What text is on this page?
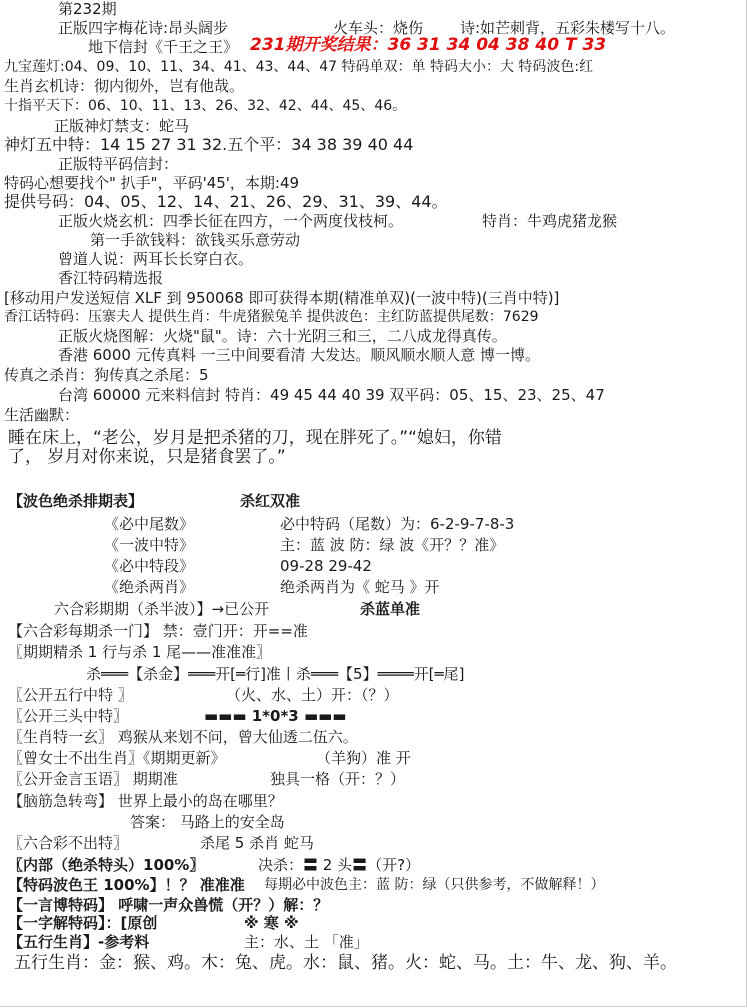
第232期
正版四字梅花诗:昂头阔步	火车头：烧伤 诗:如芒刺背，五彩朱楼写十八。
地下信封《千王之王》 231期开奖结果：36 31 34 04 38 40 T 33
九宝莲灯:04、09、10、11、34、41、43、44、47 特码单双：单 特码大小：大 特码波色:红
生肖玄机诗：彻内彻外，岂有他哉。
十指平天下：06、10、11、13、26、32、42、44、45、46。
正版神灯禁支：蛇马
神灯五中特：14 15 27 31 32.五个平：34 38 39 40 44
正版特平码信封：
特码心想要找个" 扒手"，平码'45'，本期:49
提供号码：04、05、12、14、21、26、29、31、39、44。
正版火烧玄机：四季长征在四方，一个两度伐枝柯。	特肖：牛鸡虎猪龙猴
第一手欲钱料：欲钱买乐意劳动
曾道人说：两耳长长穿白衣。
香江特码精选报
[移动用户发送短信 XLF 到 950068 即可获得本期(精准单双)(一波中特)(三肖中特)]
香江话特码：压寨夫人 提供生肖：牛虎猪猴兔羊 提供波色：主红防蓝提供尾数：7629
正版火烧图解：火烧"鼠"。诗：六十光阴三和三，二八成龙得真传。
香港 6000 元传真料 一三中间要看清 大发达。顺风顺水顺人意 博一博。
传真之杀肖：狗传真之杀尾：5
台湾 60000 元来料信封 特肖：49 45 44 40 39 双平码：05、15、23、25、47
生活幽默：
睡在床上，“老公，岁月是把杀猪的刀，现在胖死了。”“媳妇，你错
了， 岁月对你来说，只是猪食罢了。”
【波色绝杀排期表】	杀红双准
《必中尾数》	必中特码（尾数）为：6-2-9-7-8-3
《一波中特》	主：蓝 波 防：绿 波《开？？准》
《必中特段》	09-28 29-42
《绝杀两肖》	绝杀两肖为《 蛇马 》开
六合彩期期（杀半波）】→已公开	杀蓝单准
【六合彩每期杀一门】 禁：壹门开：开==准
〖期期精杀 1 行与杀 1 尾——准准准〗
杀═══【杀金】═══开[═行]准丨杀═══【5】════开[═尾]
〖公开五行中特 〗	（火、水、土）开：（？）
〖公开三头中特〗	▬▬▬ 1*0*3 ▬▬▬
〖生肖特一玄〗 鸡猴从来划不问，曾大仙透二伍六。
〖曾女士不出生肖〗《期期更新》	（羊狗）准 开
〖公开金言玉语〗 期期准	独具一格（开：？）
【脑筋急转弯】 世界上最小的岛在哪里？
答案： 马路上的安全岛
〖六合彩不出特〗	杀尾 5 杀肖 蛇马
〖内部（绝杀特头）100%〗	决杀：〓 2 头〓（开?）
【特码波色王 100%】！？ 准准准 每期必中波色主：蓝 防：绿（只供参考，不做解释！）
【一言博特码】 呼啸一声众兽慌（开？）解：？
【一字解特码】：[原创	※ 寒 ※
【五行生肖】-参考料	主：水、土 「准」
五行生肖：金：猴、鸡。木：兔、虎。水：鼠、猪。火：蛇、马。土：牛、龙、狗、羊。
